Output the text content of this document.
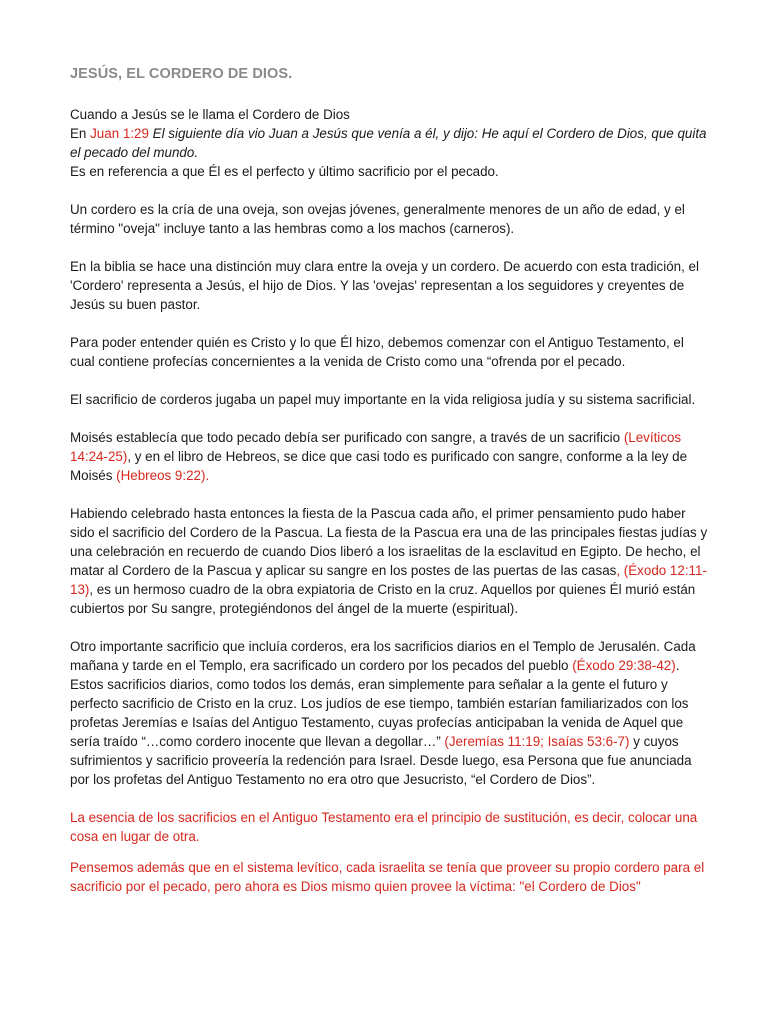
JESÚS, EL CORDERO DE DIOS.
Cuando a Jesús se le llama el Cordero de Dios
En Juan 1:29 El siguiente día vio Juan a Jesús que venía a él, y dijo: He aquí el Cordero de Dios, que quita el pecado del mundo.
Es en referencia a que Él es el perfecto y último sacrificio por el pecado.

Un cordero es la cría de una oveja, son ovejas jóvenes, generalmente menores de un año de edad, y el término "oveja" incluye tanto a las hembras como a los machos (carneros).

En la biblia se hace una distinción muy clara entre la oveja y un cordero. De acuerdo con esta tradición, el 'Cordero' representa a Jesús, el hijo de Dios. Y las 'ovejas' representan a los seguidores y creyentes de Jesús su buen pastor.

Para poder entender quién es Cristo y lo que Él hizo, debemos comenzar con el Antiguo Testamento, el cual contiene profecías concernientes a la venida de Cristo como una “ofrenda por el pecado.

El sacrificio de corderos jugaba un papel muy importante en la vida religiosa judía y su sistema sacrificial.

Moisés establecía que todo pecado debía ser purificado con sangre, a través de un sacrificio (Levíticos 14:24-25), y en el libro de Hebreos, se dice que casi todo es purificado con sangre, conforme a la ley de Moisés (Hebreos 9:22).

Habiendo celebrado hasta entonces la fiesta de la Pascua cada año, el primer pensamiento pudo haber sido el sacrificio del Cordero de la Pascua. La fiesta de la Pascua era una de las principales fiestas judías y una celebración en recuerdo de cuando Dios liberó a los israelitas de la esclavitud en Egipto. De hecho, el matar al Cordero de la Pascua y aplicar su sangre en los postes de las puertas de las casas, (Éxodo 12:11-13), es un hermoso cuadro de la obra expiatoria de Cristo en la cruz. Aquellos por quienes Él murió están cubiertos por Su sangre, protegiéndonos del ángel de la muerte (espiritual).

Otro importante sacrificio que incluía corderos, era los sacrificios diarios en el Templo de Jerusalén. Cada mañana y tarde en el Templo, era sacrificado un cordero por los pecados del pueblo (Éxodo 29:38-42). Estos sacrificios diarios, como todos los demás, eran simplemente para señalar a la gente el futuro y perfecto sacrificio de Cristo en la cruz. Los judíos de ese tiempo, también estarían familiarizados con los profetas Jeremías e Isaías del Antiguo Testamento, cuyas profecías anticipaban la venida de Aquel que sería traído “…como cordero inocente que llevan a degollar…” (Jeremías 11:19; Isaías 53:6-7) y cuyos sufrimientos y sacrificio proveería la redención para Israel. Desde luego, esa Persona que fue anunciada por los profetas del Antiguo Testamento no era otro que Jesucristo, “el Cordero de Dios”.

La esencia de los sacrificios en el Antiguo Testamento era el principio de sustitución, es decir, colocar una cosa en lugar de otra.

Pensemos además que en el sistema levítico, cada israelita se tenía que proveer su propio cordero para el sacrificio por el pecado, pero ahora es Dios mismo quien provee la víctima: "el Cordero de Dios"
